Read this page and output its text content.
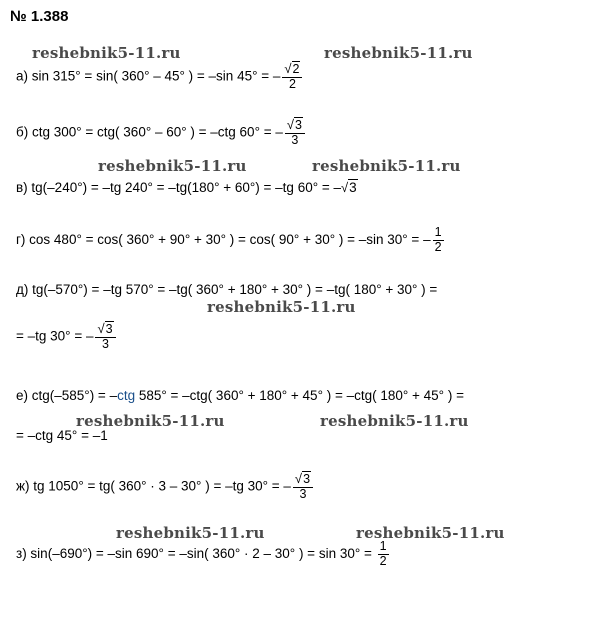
№ 1.388
reshebnik5-11.ru	reshebnik5-11.ru
reshebnik5-11.ru	reshebnik5-11.ru
reshebnik5-11.ru
reshebnik5-11.ru	reshebnik5-11.ru
reshebnik5-11.ru	reshebnik5-11.ru
а) sin 315° = sin( 360° – 45° ) = –sin 45° = – $\frac{√2}{2}$
б) ctg 300° = ctg( 360° – 60° ) = –ctg 60° = – $\frac{√3}{3}$
в) tg(–240°) = –tg 240° = –tg(180° + 60°) = –tg 60° = –√3
г) cos 480° = cos( 360° + 90° + 30° ) = cos( 90° + 30° ) = –sin 30° = – $\frac{1}{2}$
д) tg(–570°) = –tg 570° = –tg( 360° + 180° + 30° ) = –tg( 180° + 30° ) =
= –tg 30° = – $\frac{√3}{3}$
е) ctg(–585°) = –ctg 585° = –ctg( 360° + 180° + 45° ) = –ctg( 180° + 45° ) =
= –ctg 45° = –1
ж) tg 1050° = tg( 360° · 3 – 30° ) = –tg 30° = – $\frac{√3}{3}$
з) sin(–690°) = –sin 690° = –sin( 360° · 2 – 30° ) = $\sin 30^\circ = \frac{1}{2}$
